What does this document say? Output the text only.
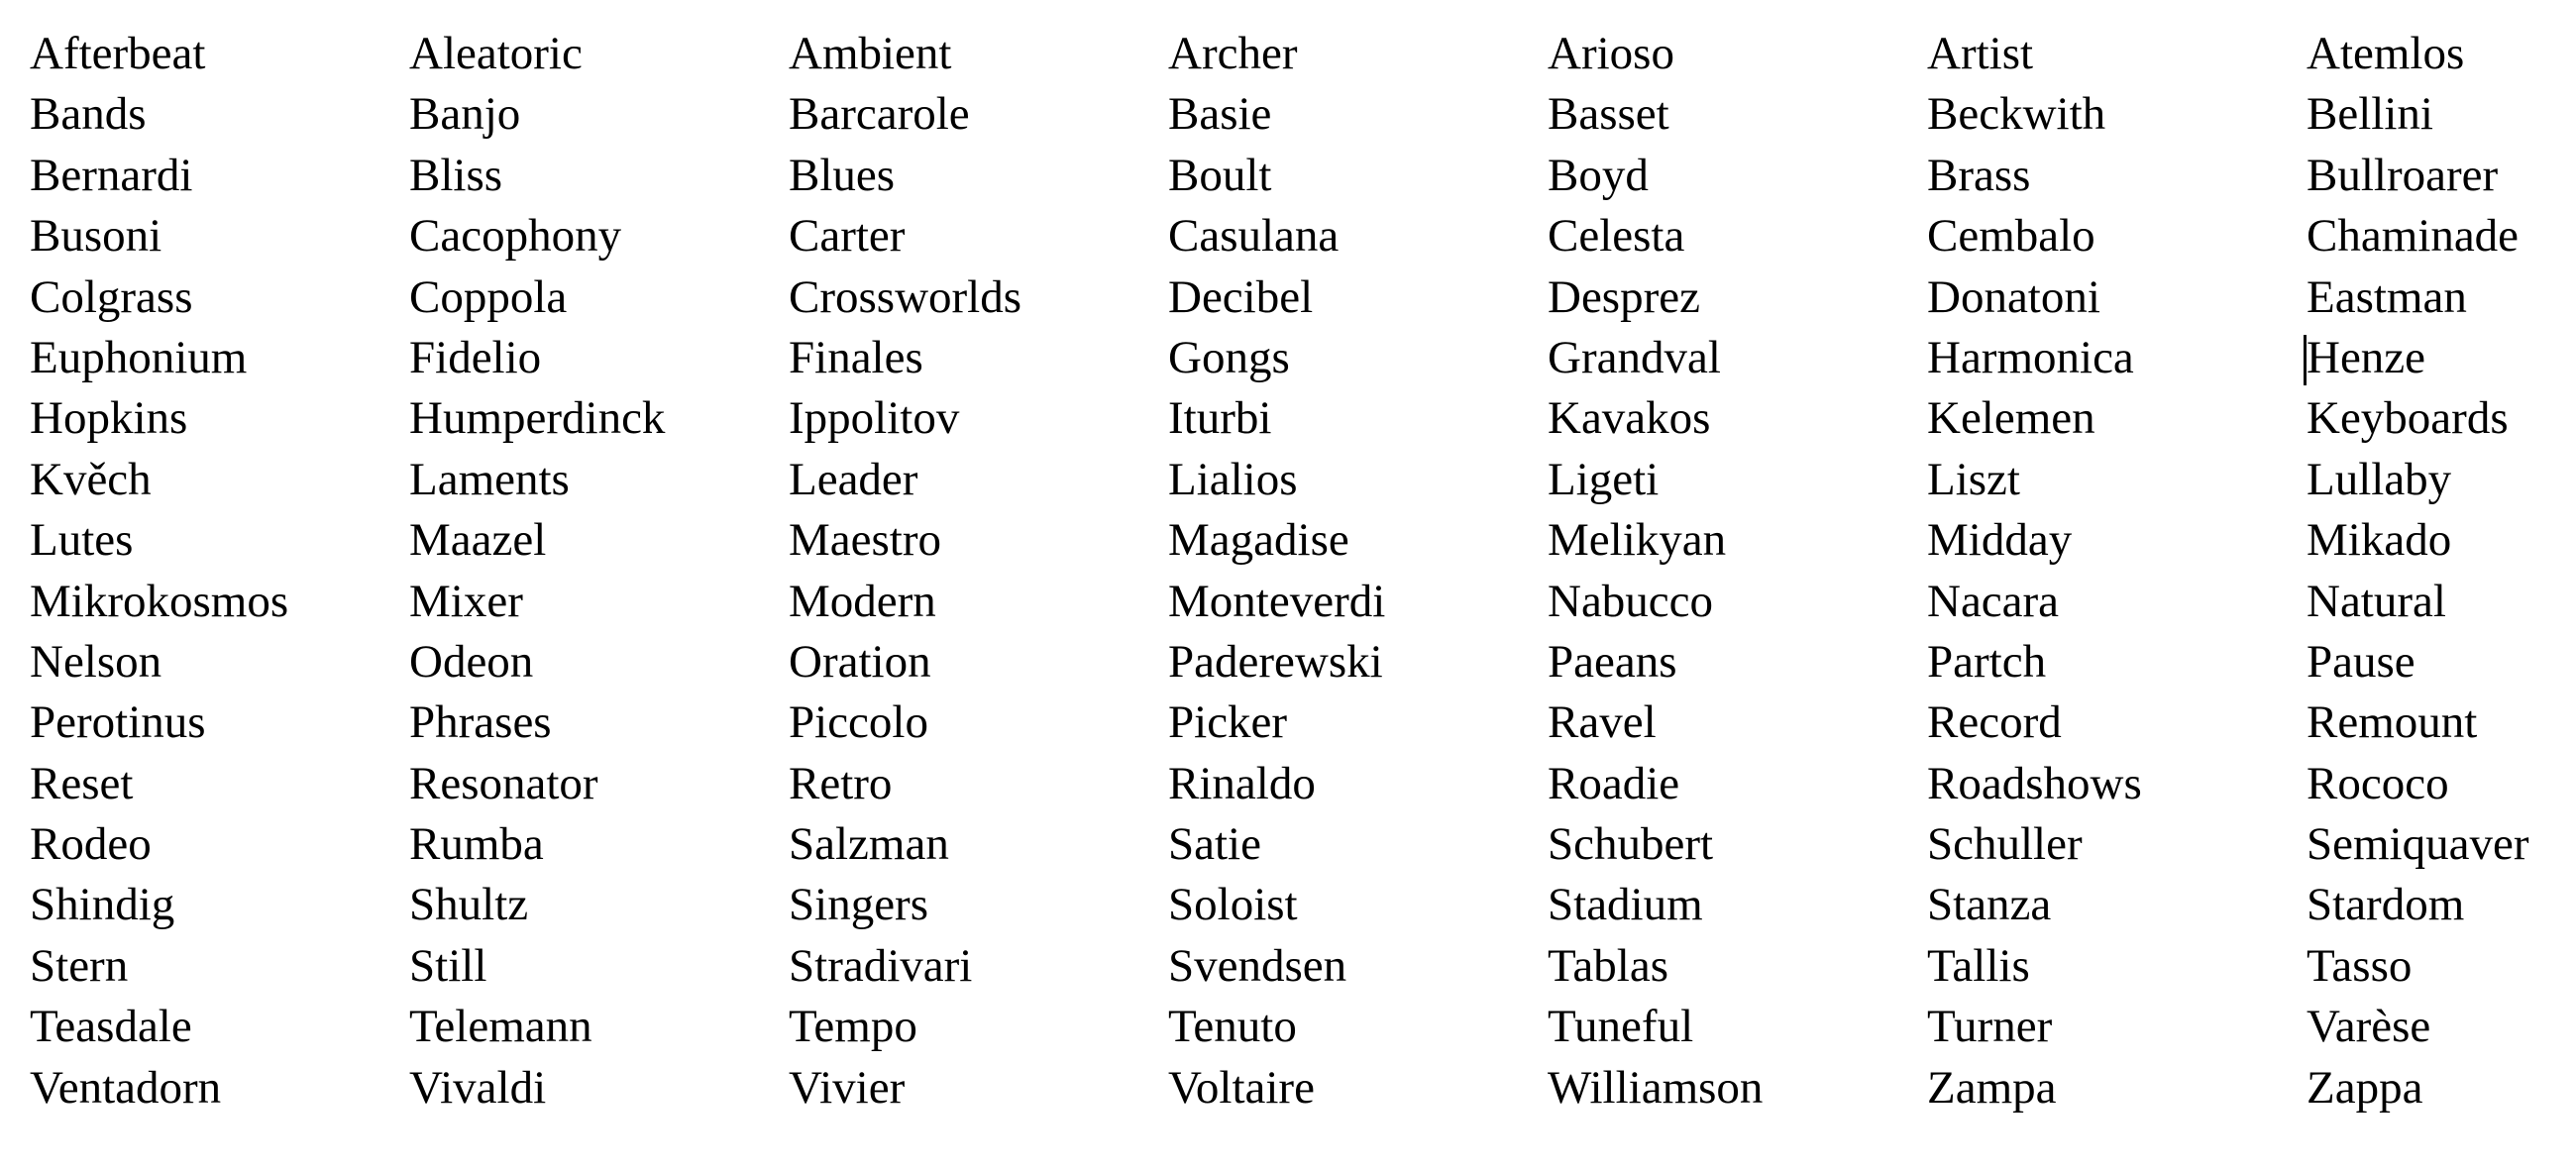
Afterbeat	Aleatoric	Ambient	Archer	Arioso	Artist	Atemlos
Bands	Banjo	Barcarole	Basie	Basset	Beckwith	Bellini
Bernardi	Bliss	Blues	Boult	Boyd	Brass	Bullroarer
Busoni	Cacophony	Carter	Casulana	Celesta	Cembalo	Chaminade
Colgrass	Coppola	Crossworlds	Decibel	Desprez	Donatoni	Eastman
Euphonium	Fidelio	Finales	Gongs	Grandval	Harmonica	Henze
Hopkins	Humperdinck	Ippolitov	Iturbi	Kavakos	Kelemen	Keyboards
Kvěch	Laments	Leader	Lialios	Ligeti	Liszt	Lullaby
Lutes	Maazel	Maestro	Magadise	Melikyan	Midday	Mikado
Mikrokosmos	Mixer	Modern	Monteverdi	Nabucco	Nacara	Natural
Nelson	Odeon	Oration	Paderewski	Paeans	Partch	Pause
Perotinus	Phrases	Piccolo	Picker	Ravel	Record	Remount
Reset	Resonator	Retro	Rinaldo	Roadie	Roadshows	Rococo
Rodeo	Rumba	Salzman	Satie	Schubert	Schuller	Semiquaver
Shindig	Shultz	Singers	Soloist	Stadium	Stanza	Stardom
Stern	Still	Stradivari	Svendsen	Tablas	Tallis	Tasso
Teasdale	Telemann	Tempo	Tenuto	Tuneful	Turner	Varèse
Ventadorn	Vivaldi	Vivier	Voltaire	Williamson	Zampa	Zappa
